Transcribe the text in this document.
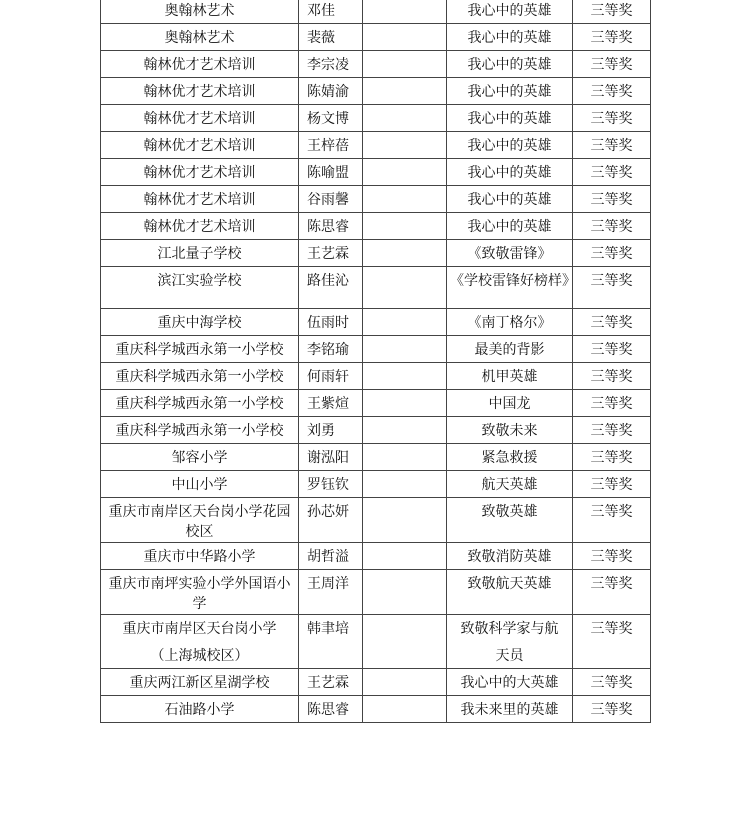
奥翰林艺术	邓佳		我心中的英雄	三等奖
奥翰林艺术	裴薇		我心中的英雄	三等奖
翰林优才艺术培训	李宗凌		我心中的英雄	三等奖
翰林优才艺术培训	陈婧渝		我心中的英雄	三等奖
翰林优才艺术培训	杨文博		我心中的英雄	三等奖
翰林优才艺术培训	王梓蓓		我心中的英雄	三等奖
翰林优才艺术培训	陈喻盟		我心中的英雄	三等奖
翰林优才艺术培训	谷雨馨		我心中的英雄	三等奖
翰林优才艺术培训	陈思睿		我心中的英雄	三等奖
江北量子学校	王艺霖		《致敬雷锋》	三等奖
滨江实验学校	路佳沁		《学校雷锋好榜样》	三等奖
重庆中海学校	伍雨时		《南丁格尔》	三等奖
重庆科学城西永第一小学校	李铭瑜		最美的背影	三等奖
重庆科学城西永第一小学校	何雨轩		机甲英雄	三等奖
重庆科学城西永第一小学校	王紫煊		中国龙	三等奖
重庆科学城西永第一小学校	刘勇		致敬未来	三等奖
邹容小学	谢泓阳		紧急救援	三等奖
中山小学	罗钰钦		航天英雄	三等奖
重庆市南岸区天台岗小学花园校区	孙芯妍		致敬英雄	三等奖
重庆市中华路小学	胡哲溢		致敬消防英雄	三等奖
重庆市南坪实验小学外国语小学	王周洋		致敬航天英雄	三等奖
重庆市南岸区天台岗小学	韩聿培		致敬科学家与航	三等奖
（上海城校区）			天员	
重庆两江新区星湖学校	王艺霖		我心中的大英雄	三等奖
石油路小学	陈思睿		我未来里的英雄	三等奖
